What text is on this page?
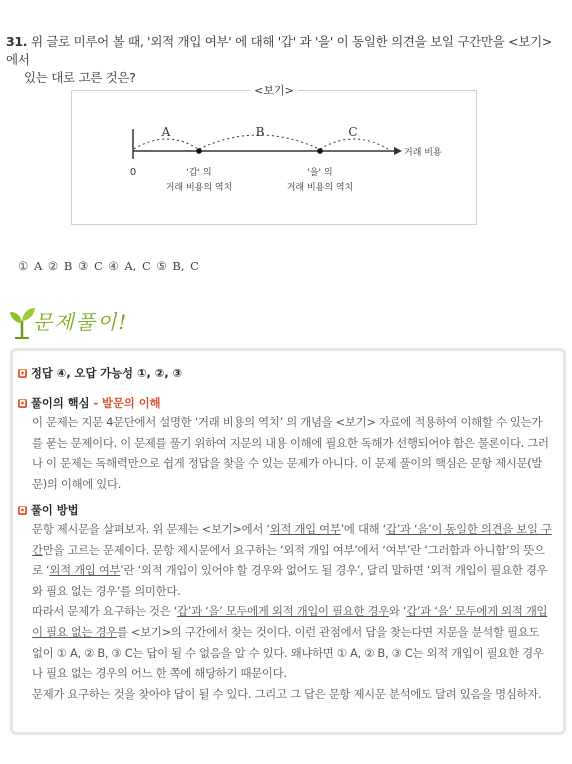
31. 위 글로 미루어 볼 때, '외적 개입 여부' 에 대해 '갑' 과 '을' 이 동일한 의견을 보일 구간만을 <보기>에서
있는 대로 고른 것은?
<보기>
A	B	C
거래 비용
0	'갑' 의
거래 비용의 역치
'을' 의
거래 비용의 역치
① A ② B ③ C ④ A, C ⑤ B, C
문제풀이!
◘ 정답 ④, 오답 가능성 ①, ②, ③
◘ 풀이의 핵심 - 발문의 이해

이 문제는 지문 4문단에서 설명한 ‘거래 비용의 역치’ 의 개념을 <보기> 자료에 적용하여 이해할 수 있는가를 묻는 문제이다. 이 문제를 풀기 위하여 지문의 내용 이해에 필요한 독해가 선행되어야 함은 물론이다. 그러나 이 문제는 독해력만으로 쉽게 정답을 찾을 수 있는 문제가 아니다. 이 문제 풀이의 핵심은 문항 제시문(발문)의 이해에 있다.

◘ 풀이 방법

문항 제시문을 살펴보자. 위 문제는 <보기>에서 ‘외적 개입 여부’에 대해 ‘갑’과 ‘을’이 동일한 의견을 보일 구간만을 고르는 문제이다. 문항 제시문에서 요구하는 ‘외적 개입 여부’에서 ‘여부’란 ‘그러함과 아니함’의 뜻으로 ‘외적 개입 여부’란 ‘외적 개입이 있어야 할 경우와 없어도 될 경우’, 달리 말하면 ‘외적 개입이 필요한 경우와 필요 없는 경우’를 의미한다.

따라서 문제가 요구하는 것은 ‘갑’과 ‘을’ 모두에게 외적 개입이 필요한 경우와 ‘갑’과 ‘을’ 모두에게 외적 개입이 필요 없는 경우를 <보기>의 구간에서 찾는 것이다. 이런 관점에서 답을 찾는다면 지문을 분석할 필요도 없이 ① A, ② B, ③ C는 답이 될 수 없음을 알 수 있다. 왜냐하면 ① A, ② B, ③ C는 외적 개입이 필요한 경우나 필요 없는 경우의 어느 한 쪽에 해당하기 때문이다.

문제가 요구하는 것을 찾아야 답이 될 수 있다. 그리고 그 답은 문항 제시문 분석에도 달려 있음을 명심하자.
